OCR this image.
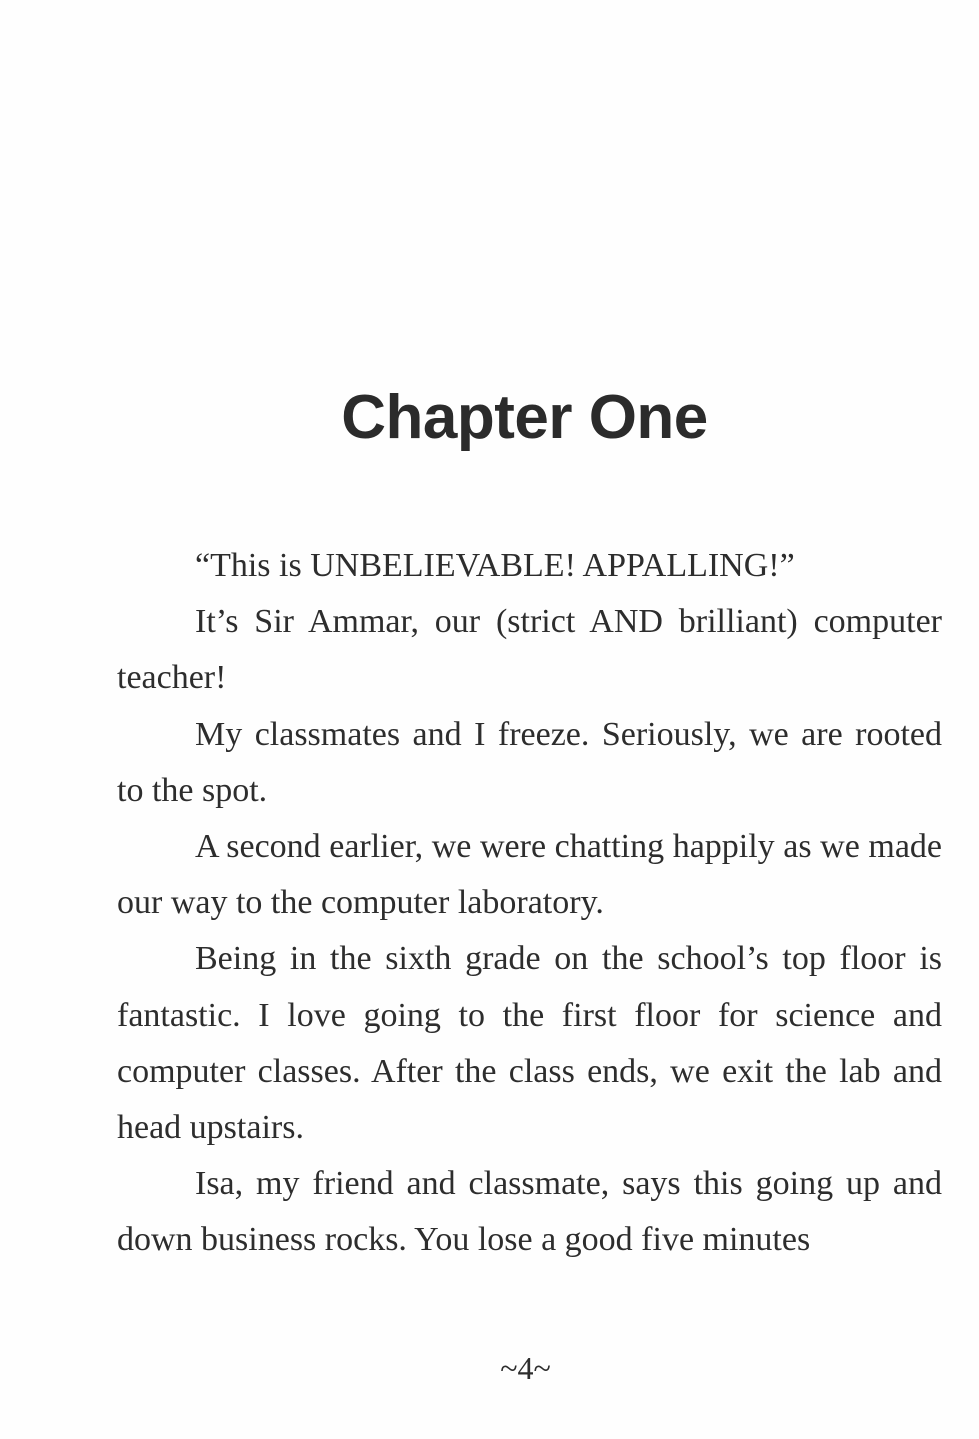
Chapter One

“This is UNBELIEVABLE! APPALLING!”

It’s Sir Ammar, our (strict AND brilliant) computer teacher!

My classmates and I freeze. Seriously, we are rooted to the spot.

A second earlier, we were chatting happily as we made our way to the computer laboratory.

Being in the sixth grade on the school’s top floor is fantastic. I love going to the first floor for science and computer classes. After the class ends, we exit the lab and head upstairs.

Isa, my friend and classmate, says this going up and down business rocks. You lose a good five minutes

~4~
